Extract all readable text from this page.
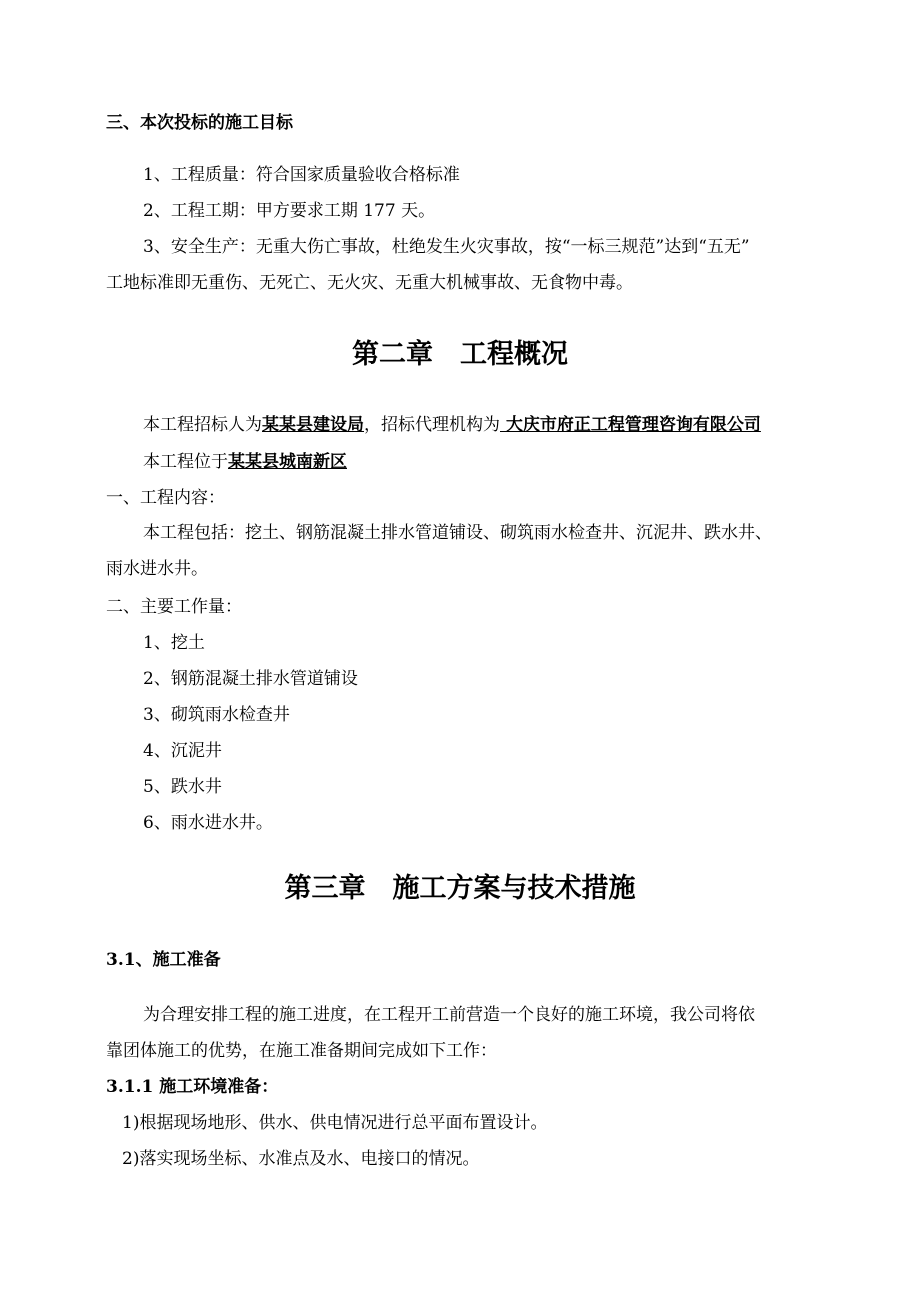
三、本次投标的施工目标
1、工程质量：符合国家质量验收合格标准
2、工程工期：甲方要求工期 177 天。
3、安全生产：无重大伤亡事故，杜绝发生火灾事故，按“一标三规范”达到“五无”
工地标准即无重伤、无死亡、无火灾、无重大机械事故、无食物中毒。
第二章　工程概况
本工程招标人为某某县建设局，招标代理机构为 大庆市府正工程管理咨询有限公司
本工程位于某某县城南新区
一、工程内容：
本工程包括：挖土、钢筋混凝土排水管道铺设、砌筑雨水检查井、沉泥井、跌水井、
雨水进水井。
二、主要工作量：
1、挖土
2、钢筋混凝土排水管道铺设
3、砌筑雨水检查井
4、沉泥井
5、跌水井
6、雨水进水井。
第三章　施工方案与技术措施
3.1、施工准备
为合理安排工程的施工进度，在工程开工前营造一个良好的施工环境，我公司将依
靠团体施工的优势，在施工准备期间完成如下工作：
3.1.1 施工环境准备：
1)根据现场地形、供水、供电情况进行总平面布置设计。
2)落实现场坐标、水准点及水、电接口的情况。
